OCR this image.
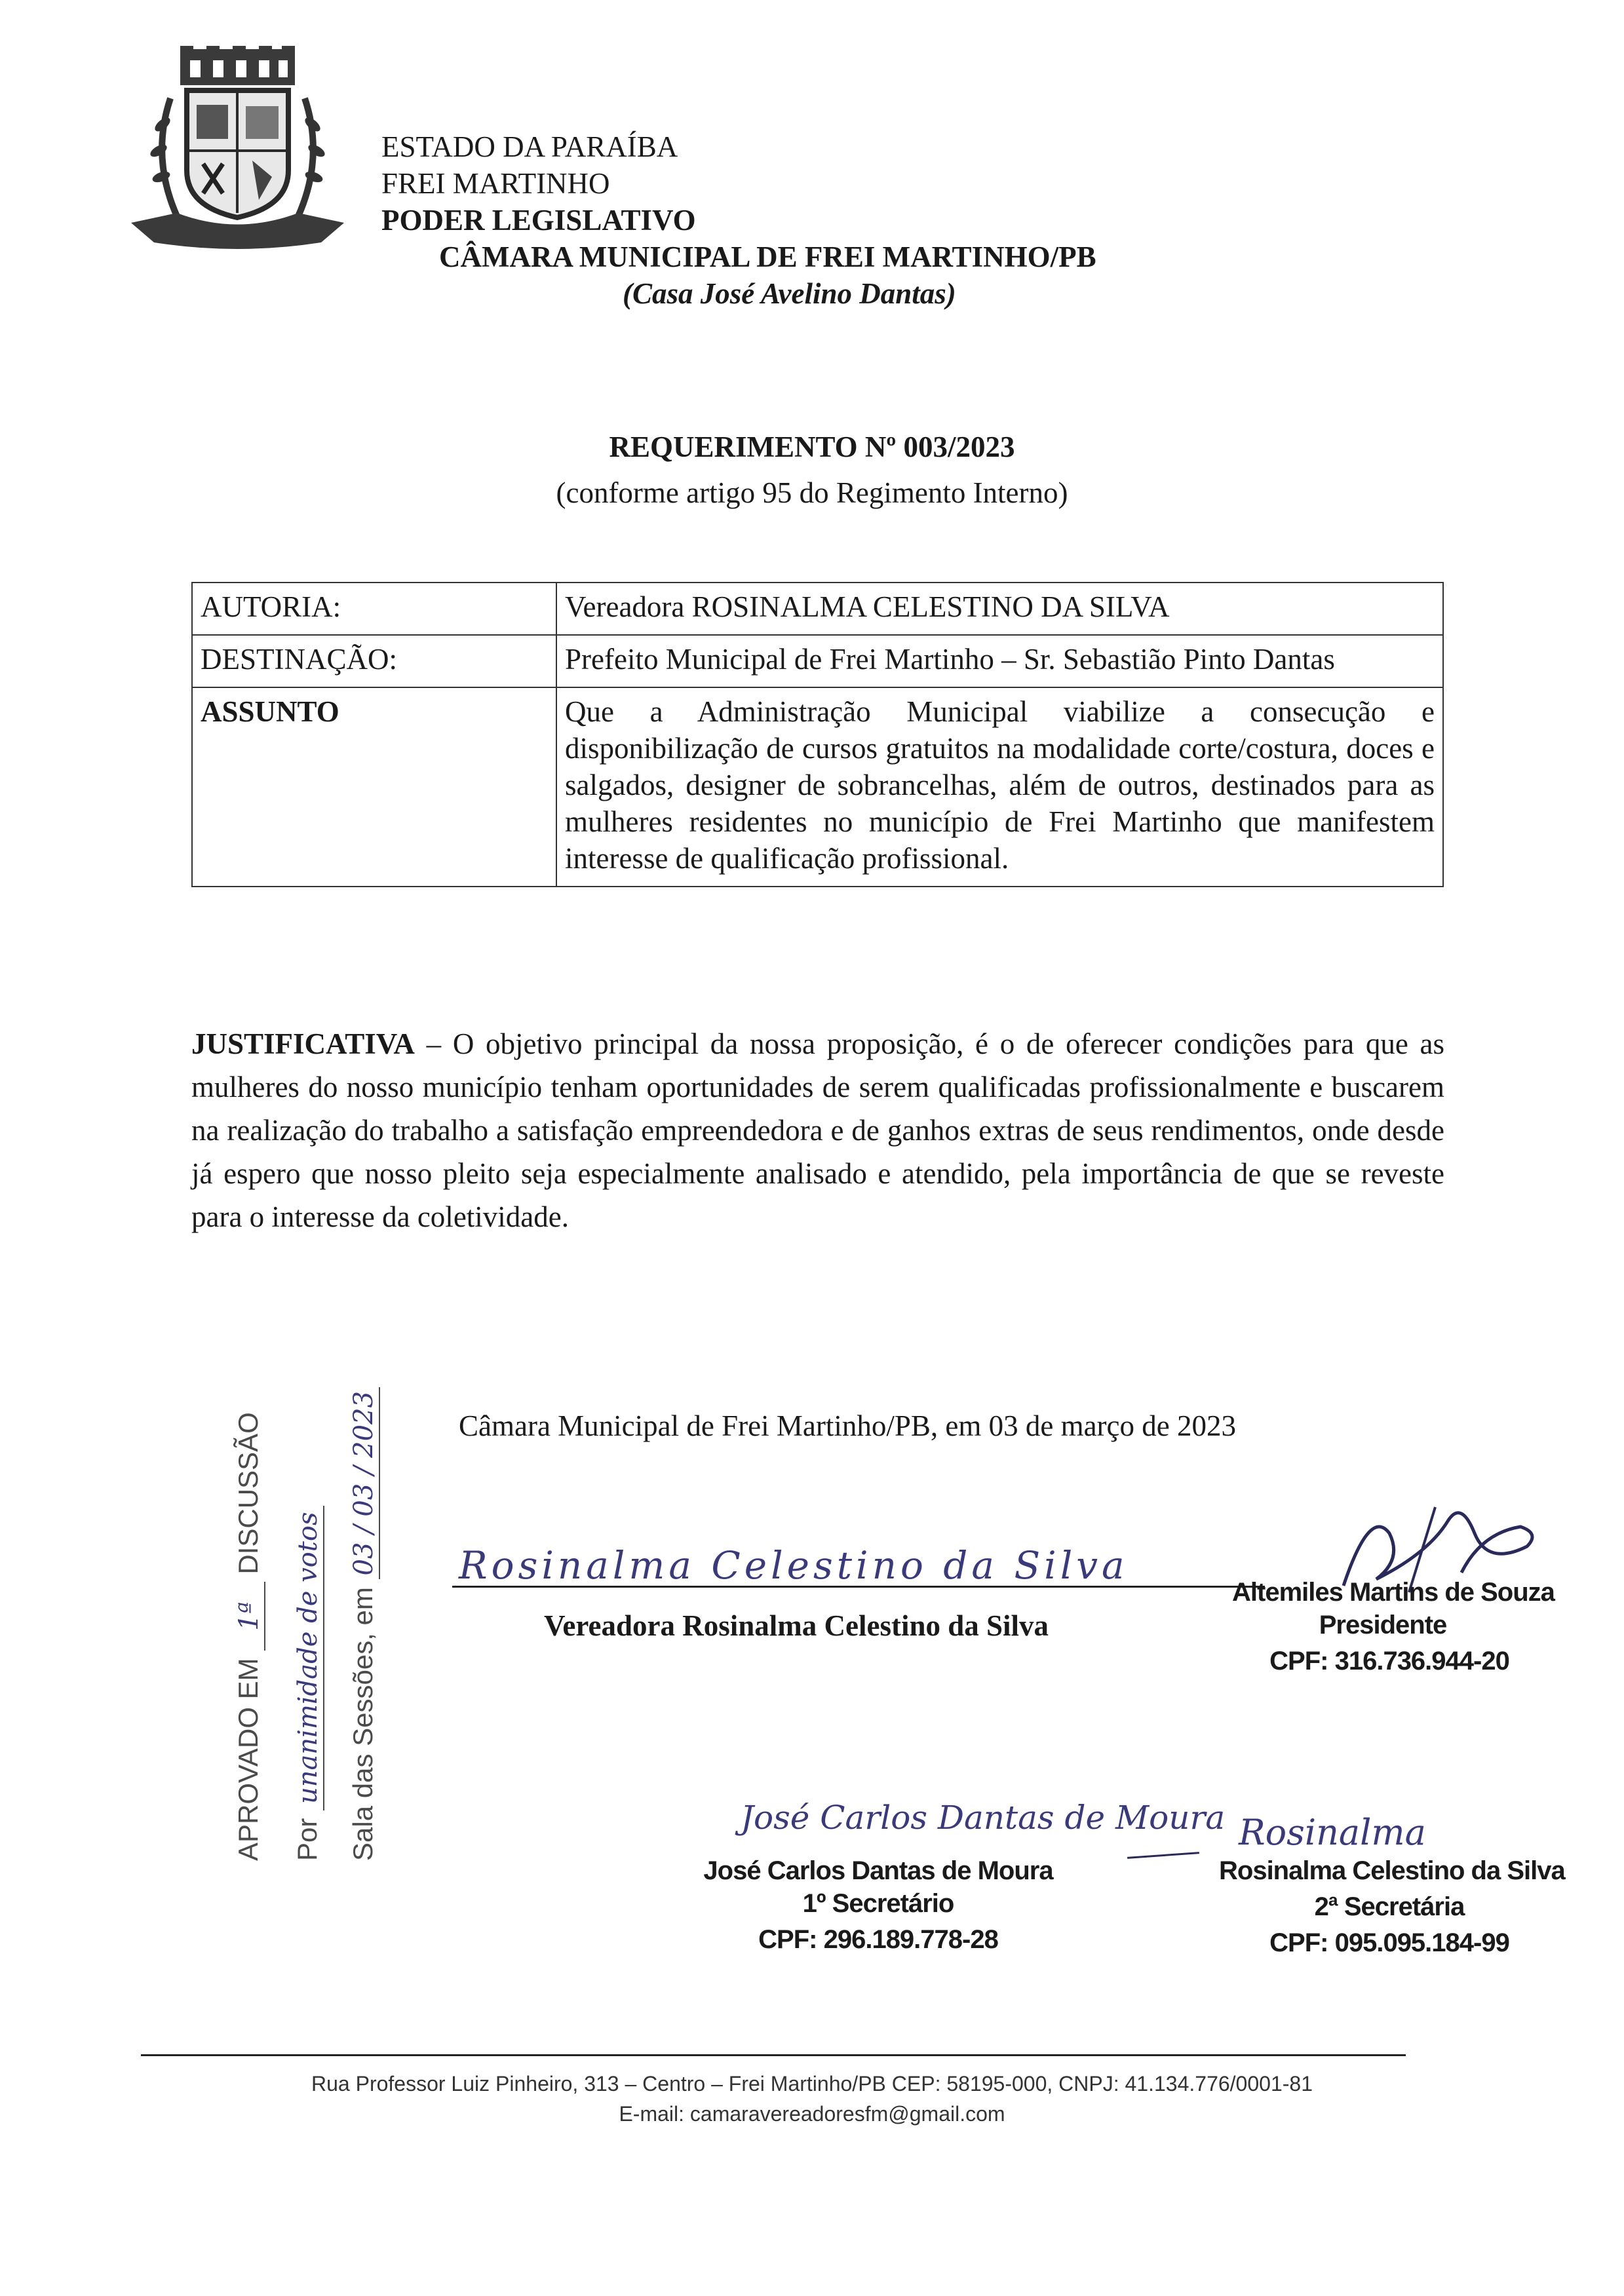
ESTADO DA PARAÍBA
FREI MARTINHO
PODER LEGISLATIVO
CÂMARA MUNICIPAL DE FREI MARTINHO/PB
(Casa José Avelino Dantas)
REQUERIMENTO Nº 003/2023
(conforme artigo 95 do Regimento Interno)
AUTORIA:	Vereadora ROSINALMA CELESTINO DA SILVA
DESTINAÇÃO:	Prefeito Municipal de Frei Martinho – Sr. Sebastião Pinto Dantas
ASSUNTO	Que a Administração Municipal viabilize a consecução e disponibilização de cursos gratuitos na modalidade corte/costura, doces e salgados, designer de sobrancelhas, além de outros, destinados para as mulheres residentes no município de Frei Martinho que manifestem interesse de qualificação profissional.
JUSTIFICATIVA – O objetivo principal da nossa proposição, é o de oferecer condições para que as mulheres do nosso município tenham oportunidades de serem qualificadas profissionalmente e buscarem na realização do trabalho a satisfação empreendedora e de ganhos extras de seus rendimentos, onde desde já espero que nosso pleito seja especialmente analisado e atendido, pela importância de que se reveste para o interesse da coletividade.
APROVADO EM 1ª DISCUSSÃO
Por unanimidade de votos Sala das Sessões, em 03 / 03 / 2023	Câmara Municipal de Frei Martinho/PB, em 03 de março de 2023
Rosinalma Celestino da Silva
Vereadora Rosinalma Celestino da Silva
Altemiles Martins de Souza
Presidente
CPF: 316.736.944-20
José Carlos Dantas de Moura
José Carlos Dantas de Moura
1º Secretário
CPF: 296.189.778-28
Rosinalma
Rosinalma Celestino da Silva
2ª Secretária
CPF: 095.095.184-99
Rua Professor Luiz Pinheiro, 313 – Centro – Frei Martinho/PB CEP: 58195-000, CNPJ: 41.134.776/0001-81
E-mail: camaravereadoresfm@gmail.com
